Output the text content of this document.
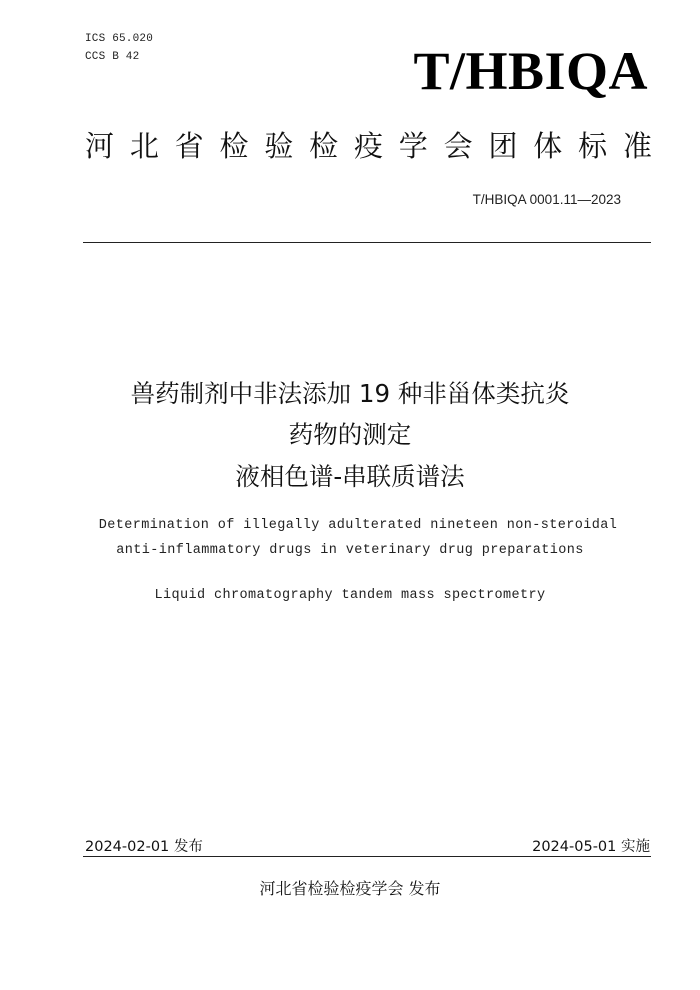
ICS 65.020
CCS B 42	T/HBIQA
河 北 省 检 验 检 疫 学 会 团 体 标 准
T/HBIQA 0001.11—2023
兽药制剂中非法添加 19 种非甾体类抗炎
药物的测定
液相色谱-串联质谱法
Determination of illegally adulterated nineteen non-steroidal
anti-inflammatory drugs in veterinary drug preparations
Liquid chromatography tandem mass spectrometry
2024-02-01 发布	2024-05-01 实施
河北省检验检疫学会 发布
